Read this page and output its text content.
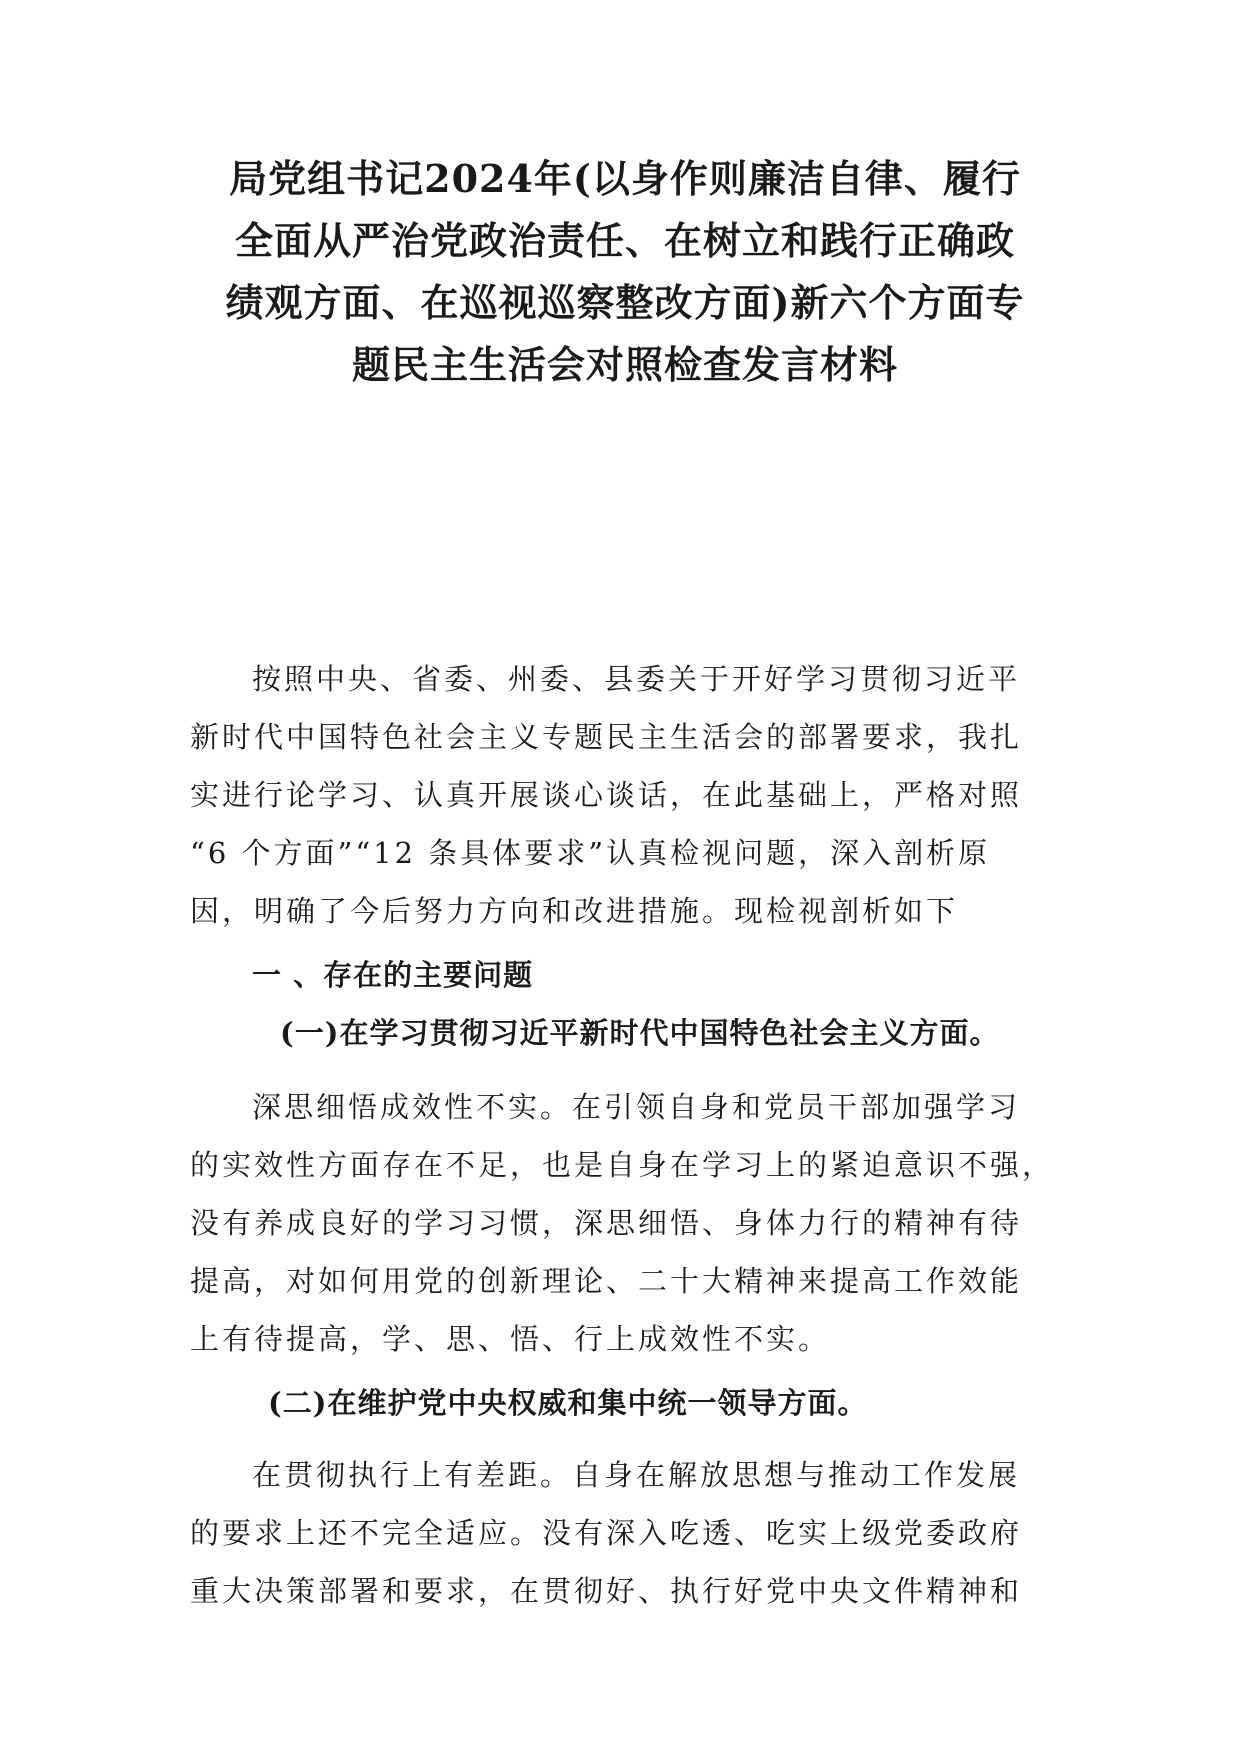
局党组书记2024年(以身作则廉洁自律、履行
全面从严治党政治责任、在树立和践行正确政
绩观方面、在巡视巡察整改方面)新六个方面专
题民主生活会对照检查发言材料

按照中央、省委、州委、县委关于开好学习贯彻习近平
新时代中国特色社会主义专题民主生活会的部署要求，我扎
实进行论学习、认真开展谈心谈话，在此基础上，严格对照
“6 个方面”“12 条具体要求”认真检视问题，深入剖析原
因，明确了今后努力方向和改进措施。现检视剖析如下

一 、存在的主要问题
(一)在学习贯彻习近平新时代中国特色社会主义方面。

深思细悟成效性不实。在引领自身和党员干部加强学习
的实效性方面存在不足，也是自身在学习上的紧迫意识不强，
没有养成良好的学习习惯，深思细悟、身体力行的精神有待
提高，对如何用党的创新理论、二十大精神来提高工作效能
上有待提高，学、思、悟、行上成效性不实。

(二)在维护党中央权威和集中统一领导方面。

在贯彻执行上有差距。自身在解放思想与推动工作发展
的要求上还不完全适应。没有深入吃透、吃实上级党委政府
重大决策部署和要求，在贯彻好、执行好党中央文件精神和
